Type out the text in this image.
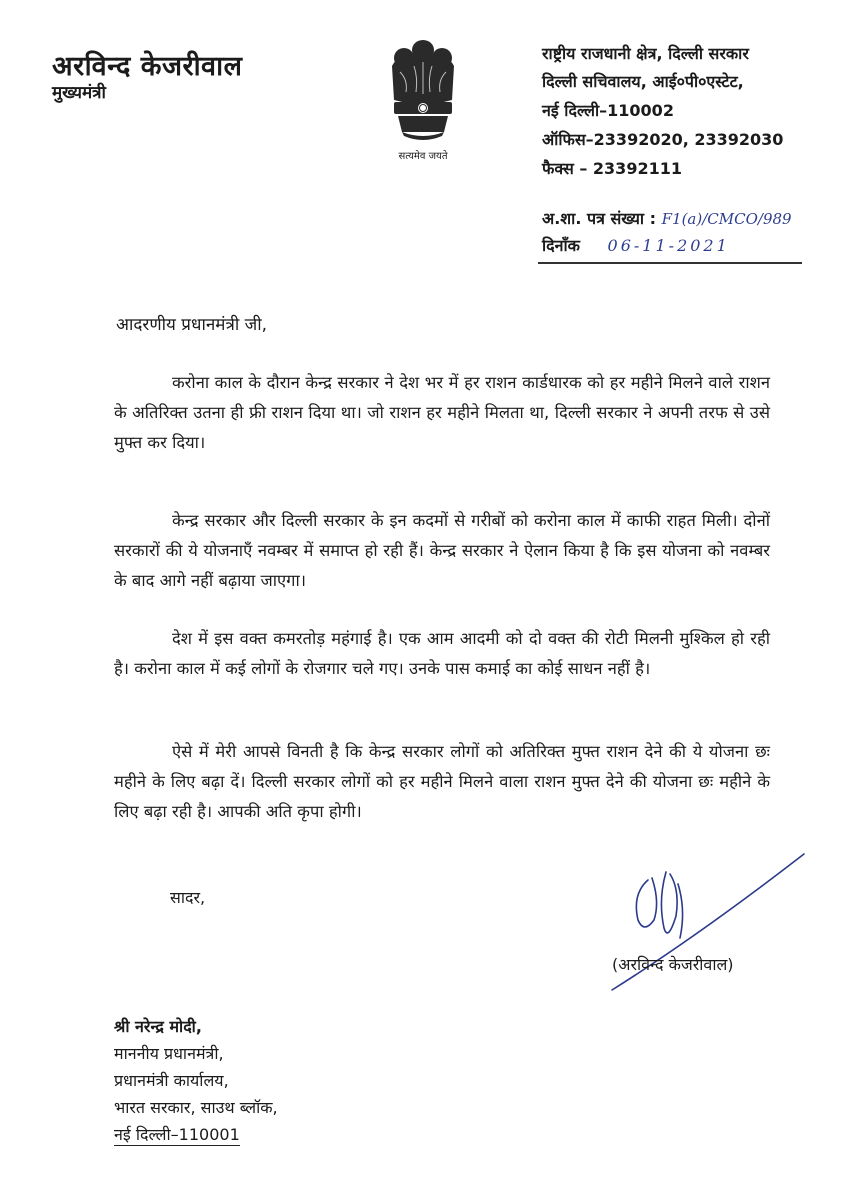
अरविन्द केजरीवाल
मुख्यमंत्री
सत्यमेव जयते
राष्ट्रीय राजधानी क्षेत्र, दिल्ली सरकार
दिल्ली सचिवालय, आई०पी०एस्टेट,
नई दिल्ली–110002
ऑफिस–23392020, 23392030
फैक्स – 23392111
अ.शा. पत्र संख्या : F1(a)/CMCO/989
दिनाँक 06-11-2021
आदरणीय प्रधानमंत्री जी,
करोना काल के दौरान केन्द्र सरकार ने देश भर में हर राशन कार्डधारक को हर महीने मिलने वाले राशन के अतिरिक्त उतना ही फ्री राशन दिया था। जो राशन हर महीने मिलता था, दिल्ली सरकार ने अपनी तरफ से उसे मुफ्त कर दिया।
केन्द्र सरकार और दिल्ली सरकार के इन कदमों से गरीबों को करोना काल में काफी राहत मिली। दोनों सरकारों की ये योजनाएँ नवम्बर में समाप्त हो रही हैं। केन्द्र सरकार ने ऐलान किया है कि इस योजना को नवम्बर के बाद आगे नहीं बढ़ाया जाएगा।
देश में इस वक्त कमरतोड़ महंगाई है। एक आम आदमी को दो वक्त की रोटी मिलनी मुश्किल हो रही है। करोना काल में कई लोगों के रोजगार चले गए। उनके पास कमाई का कोई साधन नहीं है।
ऐसे में मेरी आपसे विनती है कि केन्द्र सरकार लोगों को अतिरिक्त मुफ्त राशन देने की ये योजना छः महीने के लिए बढ़ा दें। दिल्ली सरकार लोगों को हर महीने मिलने वाला राशन मुफ्त देने की योजना छः महीने के लिए बढ़ा रही है। आपकी अति कृपा होगी।
सादर,
(अरविन्द केजरीवाल)
श्री नरेन्द्र मोदी,
माननीय प्रधानमंत्री,
प्रधानमंत्री कार्यालय,
भारत सरकार, साउथ ब्लॉक,
नई दिल्ली–110001
